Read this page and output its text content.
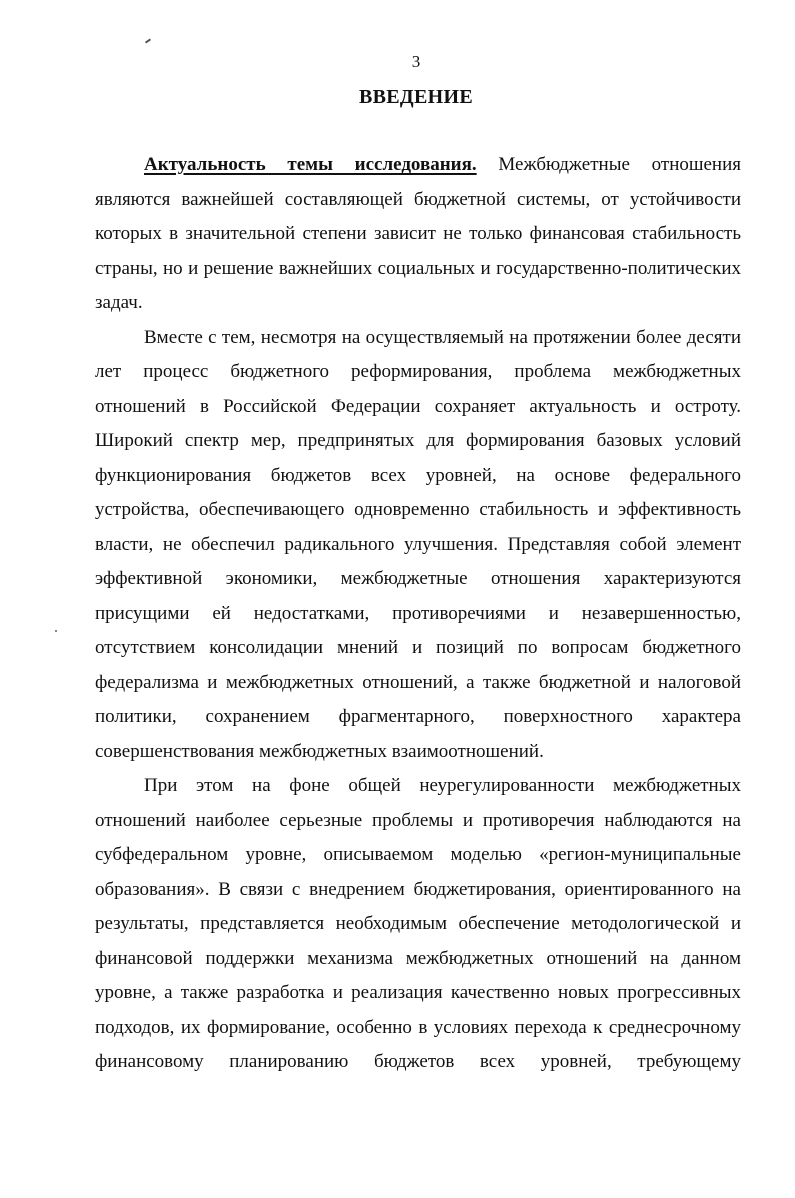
3
ВВЕДЕНИЕ

Актуальность темы исследования. Межбюджетные отношения являются важнейшей составляющей бюджетной системы, от устойчивости которых в значительной степени зависит не только финансовая стабильность страны, но и решение важнейших социальных и государственно-политических задач.

Вместе с тем, несмотря на осуществляемый на протяжении более десяти лет процесс бюджетного реформирования, проблема межбюджетных отношений в Российской Федерации сохраняет актуальность и остроту. Широкий спектр мер, предпринятых для формирования базовых условий функционирования бюджетов всех уровней, на основе федерального устройства, обеспечивающего одновременно стабильность и эффективность власти, не обеспечил радикального улучшения. Представляя собой элемент эффективной экономики, межбюджетные отношения характеризуются присущими ей недостатками, противоречиями и незавершенностью, отсутствием консолидации мнений и позиций по вопросам бюджетного федерализма и межбюджетных отношений, а также бюджетной и налоговой политики, сохранением фрагментарного, поверхностного характера совершенствования межбюджетных взаимоотношений.

При этом на фоне общей неурегулированности межбюджетных отношений наиболее серьезные проблемы и противоречия наблюдаются на субфедеральном уровне, описываемом моделью «регион-муниципальные образования». В связи с внедрением бюджетирования, ориентированного на результаты, представляется необходимым обеспечение методологической и финансовой поддержки механизма межбюджетных отношений на данном уровне, а также разработка и реализация качественно новых прогрессивных подходов, их формирование, особенно в условиях перехода к среднесрочному финансовому планированию бюджетов всех уровней, требующему
